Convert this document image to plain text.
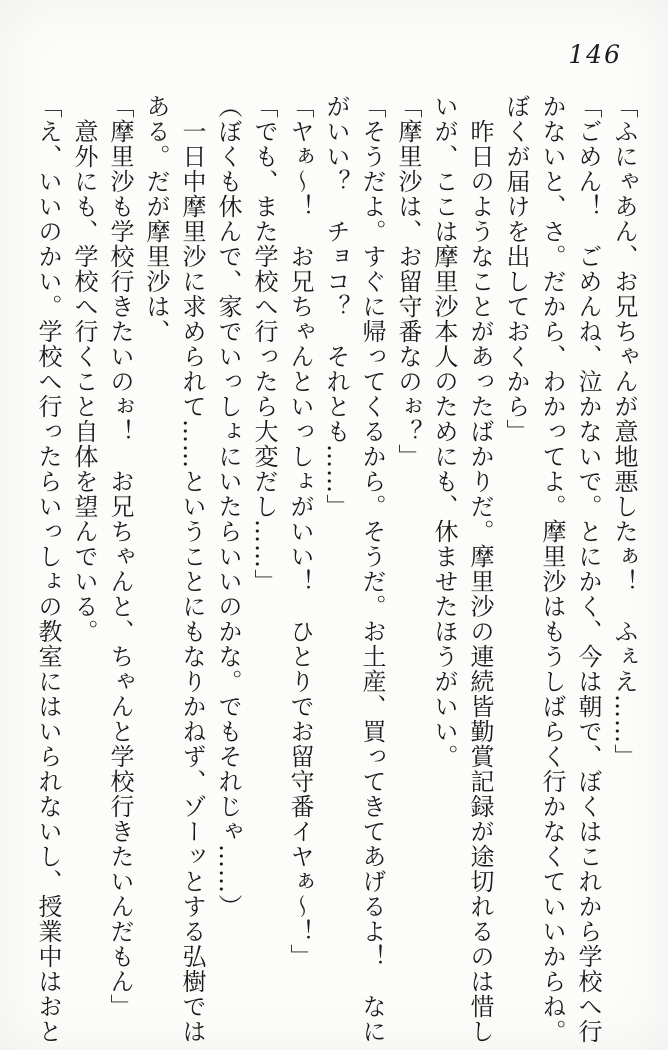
146
「ふにゃあん、お兄ちゃんが意地悪したぁ！　ふぇえ……」
「ごめん！　ごめんね、泣かないで。とにかく、今は朝で、ぼくはこれから学校へ行
かないと、さ。だから、わかってよ。摩里沙はもうしばらく行かなくていいからね。
ぼくが届けを出しておくから」
　昨日のようなことがあったばかりだ。摩里沙の連続皆勤賞記録が途切れるのは惜し
いが、ここは摩里沙本人のためにも、休ませたほうがいい。
「摩里沙は、お留守番なのぉ？」
「そうだよ。すぐに帰ってくるから。そうだ。お土産、買ってきてあげるよ！　なに
がいい？　チョコ？　それとも……」
「ヤぁ〜！　お兄ちゃんといっしょがいい！　ひとりでお留守番イヤぁ〜！」
「でも、また学校へ行ったら大変だし……」
（ぼくも休んで、家でいっしょにいたらいいのかな。でもそれじゃ……）
　一日中摩里沙に求められて……ということにもなりかねず、ゾーッとする弘樹では
ある。だが摩里沙は、
「摩里沙も学校行きたいのぉ！　お兄ちゃんと、ちゃんと学校行きたいんだもん」
　意外にも、学校へ行くこと自体を望んでいる。
「え、いいのかい。学校へ行ったらいっしょの教室にはいられないし、授業中はおと
